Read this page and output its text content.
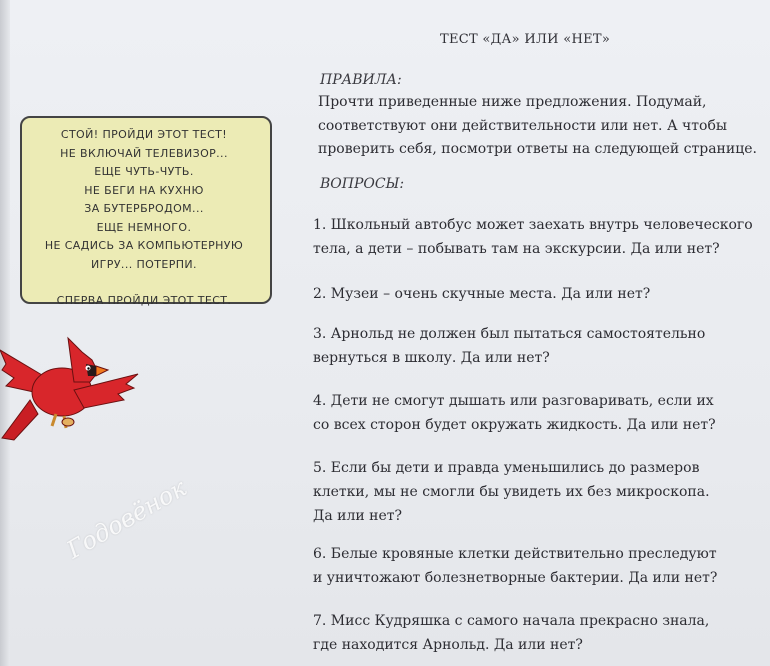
ТЕСТ «ДА» ИЛИ «НЕТ»
ПРАВИЛА:
Прочти приведенные ниже предложения. Подумай,
соответствуют они действительности или нет. А чтобы
проверить себя, посмотри ответы на следующей странице.
ВОПРОСЫ:
1. Школьный автобус может заехать внутрь человеческого
тела, а дети – побывать там на экскурсии. Да или нет?
2. Музеи – очень скучные места. Да или нет?
3. Арнольд не должен был пытаться самостоятельно
вернуться в школу. Да или нет?
4. Дети не смогут дышать или разговаривать, если их
со всех сторон будет окружать жидкость. Да или нет?
5. Если бы дети и правда уменьшились до размеров
клетки, мы не смогли бы увидеть их без микроскопа.
Да или нет?
6. Белые кровяные клетки действительно преследуют
и уничтожают болезнетворные бактерии. Да или нет?
7. Мисс Кудряшка с самого начала прекрасно знала,
где находится Арнольд. Да или нет?
СТОЙ! ПРОЙДИ ЭТОТ ТЕСТ!
НЕ ВКЛЮЧАЙ ТЕЛЕВИЗОР...
ЕЩЕ ЧУТЬ-ЧУТЬ.
НЕ БЕГИ НА КУХНЮ
ЗА БУТЕРБРОДОМ...
ЕЩЕ НЕМНОГО.
НЕ САДИСЬ ЗА КОМПЬЮТЕРНУЮ
ИГРУ... ПОТЕРПИ.
СПЕРВА ПРОЙДИ ЭТОТ ТЕСТ.
Годовёнок
